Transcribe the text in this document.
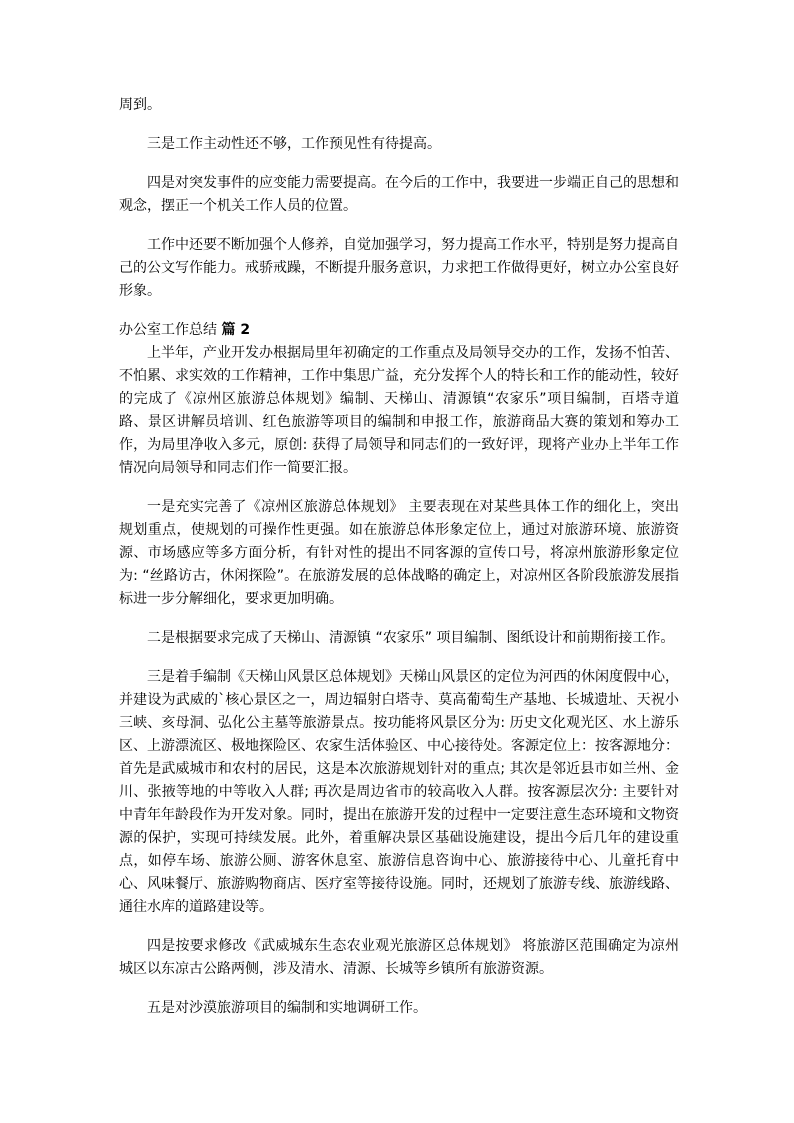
周到。

三是工作主动性还不够，工作预见性有待提高。

四是对突发事件的应变能力需要提高。在今后的工作中，我要进一步端正自己的思想和观念，摆正一个机关工作人员的位置。

工作中还要不断加强个人修养，自觉加强学习，努力提高工作水平，特别是努力提高自己的公文写作能力。戒骄戒躁，不断提升服务意识，力求把工作做得更好，树立办公室良好形象。

办公室工作总结 篇 2

上半年，产业开发办根据局里年初确定的工作重点及局领导交办的工作，发扬不怕苦、不怕累、求实效的工作精神，工作中集思广益，充分发挥个人的特长和工作的能动性，较好的完成了《凉州区旅游总体规划》编制、天梯山、清源镇“农家乐”项目编制，百塔寺道路、景区讲解员培训、红色旅游等项目的编制和申报工作，旅游商品大赛的策划和筹办工作，为局里净收入多元，原创: 获得了局领导和同志们的一致好评，现将产业办上半年工作情况向局领导和同志们作一简要汇报。

一是充实完善了《凉州区旅游总体规划》 主要表现在对某些具体工作的细化上，突出规划重点，使规划的可操作性更强。如在旅游总体形象定位上，通过对旅游环境、旅游资源、市场感应等多方面分析，有针对性的提出不同客源的宣传口号，将凉州旅游形象定位为: “丝路访古，休闲探险”。在旅游发展的总体战略的确定上，对凉州区各阶段旅游发展指标进一步分解细化，要求更加明确。

二是根据要求完成了天梯山、清源镇 “农家乐” 项目编制、图纸设计和前期衔接工作。

三是着手编制《天梯山风景区总体规划》天梯山风景区的定位为河西的休闲度假中心，并建设为武威的`核心景区之一，周边辐射白塔寺、莫高葡萄生产基地、长城遗址、天祝小三峡、亥母洞、弘化公主墓等旅游景点。按功能将风景区分为: 历史文化观光区、水上游乐区、上游漂流区、极地探险区、农家生活体验区、中心接待处。客源定位上：按客源地分：首先是武威城市和农村的居民，这是本次旅游规划针对的重点; 其次是邻近县市如兰州、金川、张掖等地的中等收入人群; 再次是周边省市的较高收入人群。按客源层次分: 主要针对中青年年龄段作为开发对象。同时，提出在旅游开发的过程中一定要注意生态环境和文物资源的保护，实现可持续发展。此外，着重解决景区基础设施建设，提出今后几年的建设重点，如停车场、旅游公厕、游客休息室、旅游信息咨询中心、旅游接待中心、儿童托育中心、风味餐厅、旅游购物商店、医疗室等接待设施。同时，还规划了旅游专线、旅游线路、通往水库的道路建设等。

四是按要求修改《武威城东生态农业观光旅游区总体规划》 将旅游区范围确定为凉州城区以东凉古公路两侧，涉及清水、清源、长城等乡镇所有旅游资源。

五是对沙漠旅游项目的编制和实地调研工作。
